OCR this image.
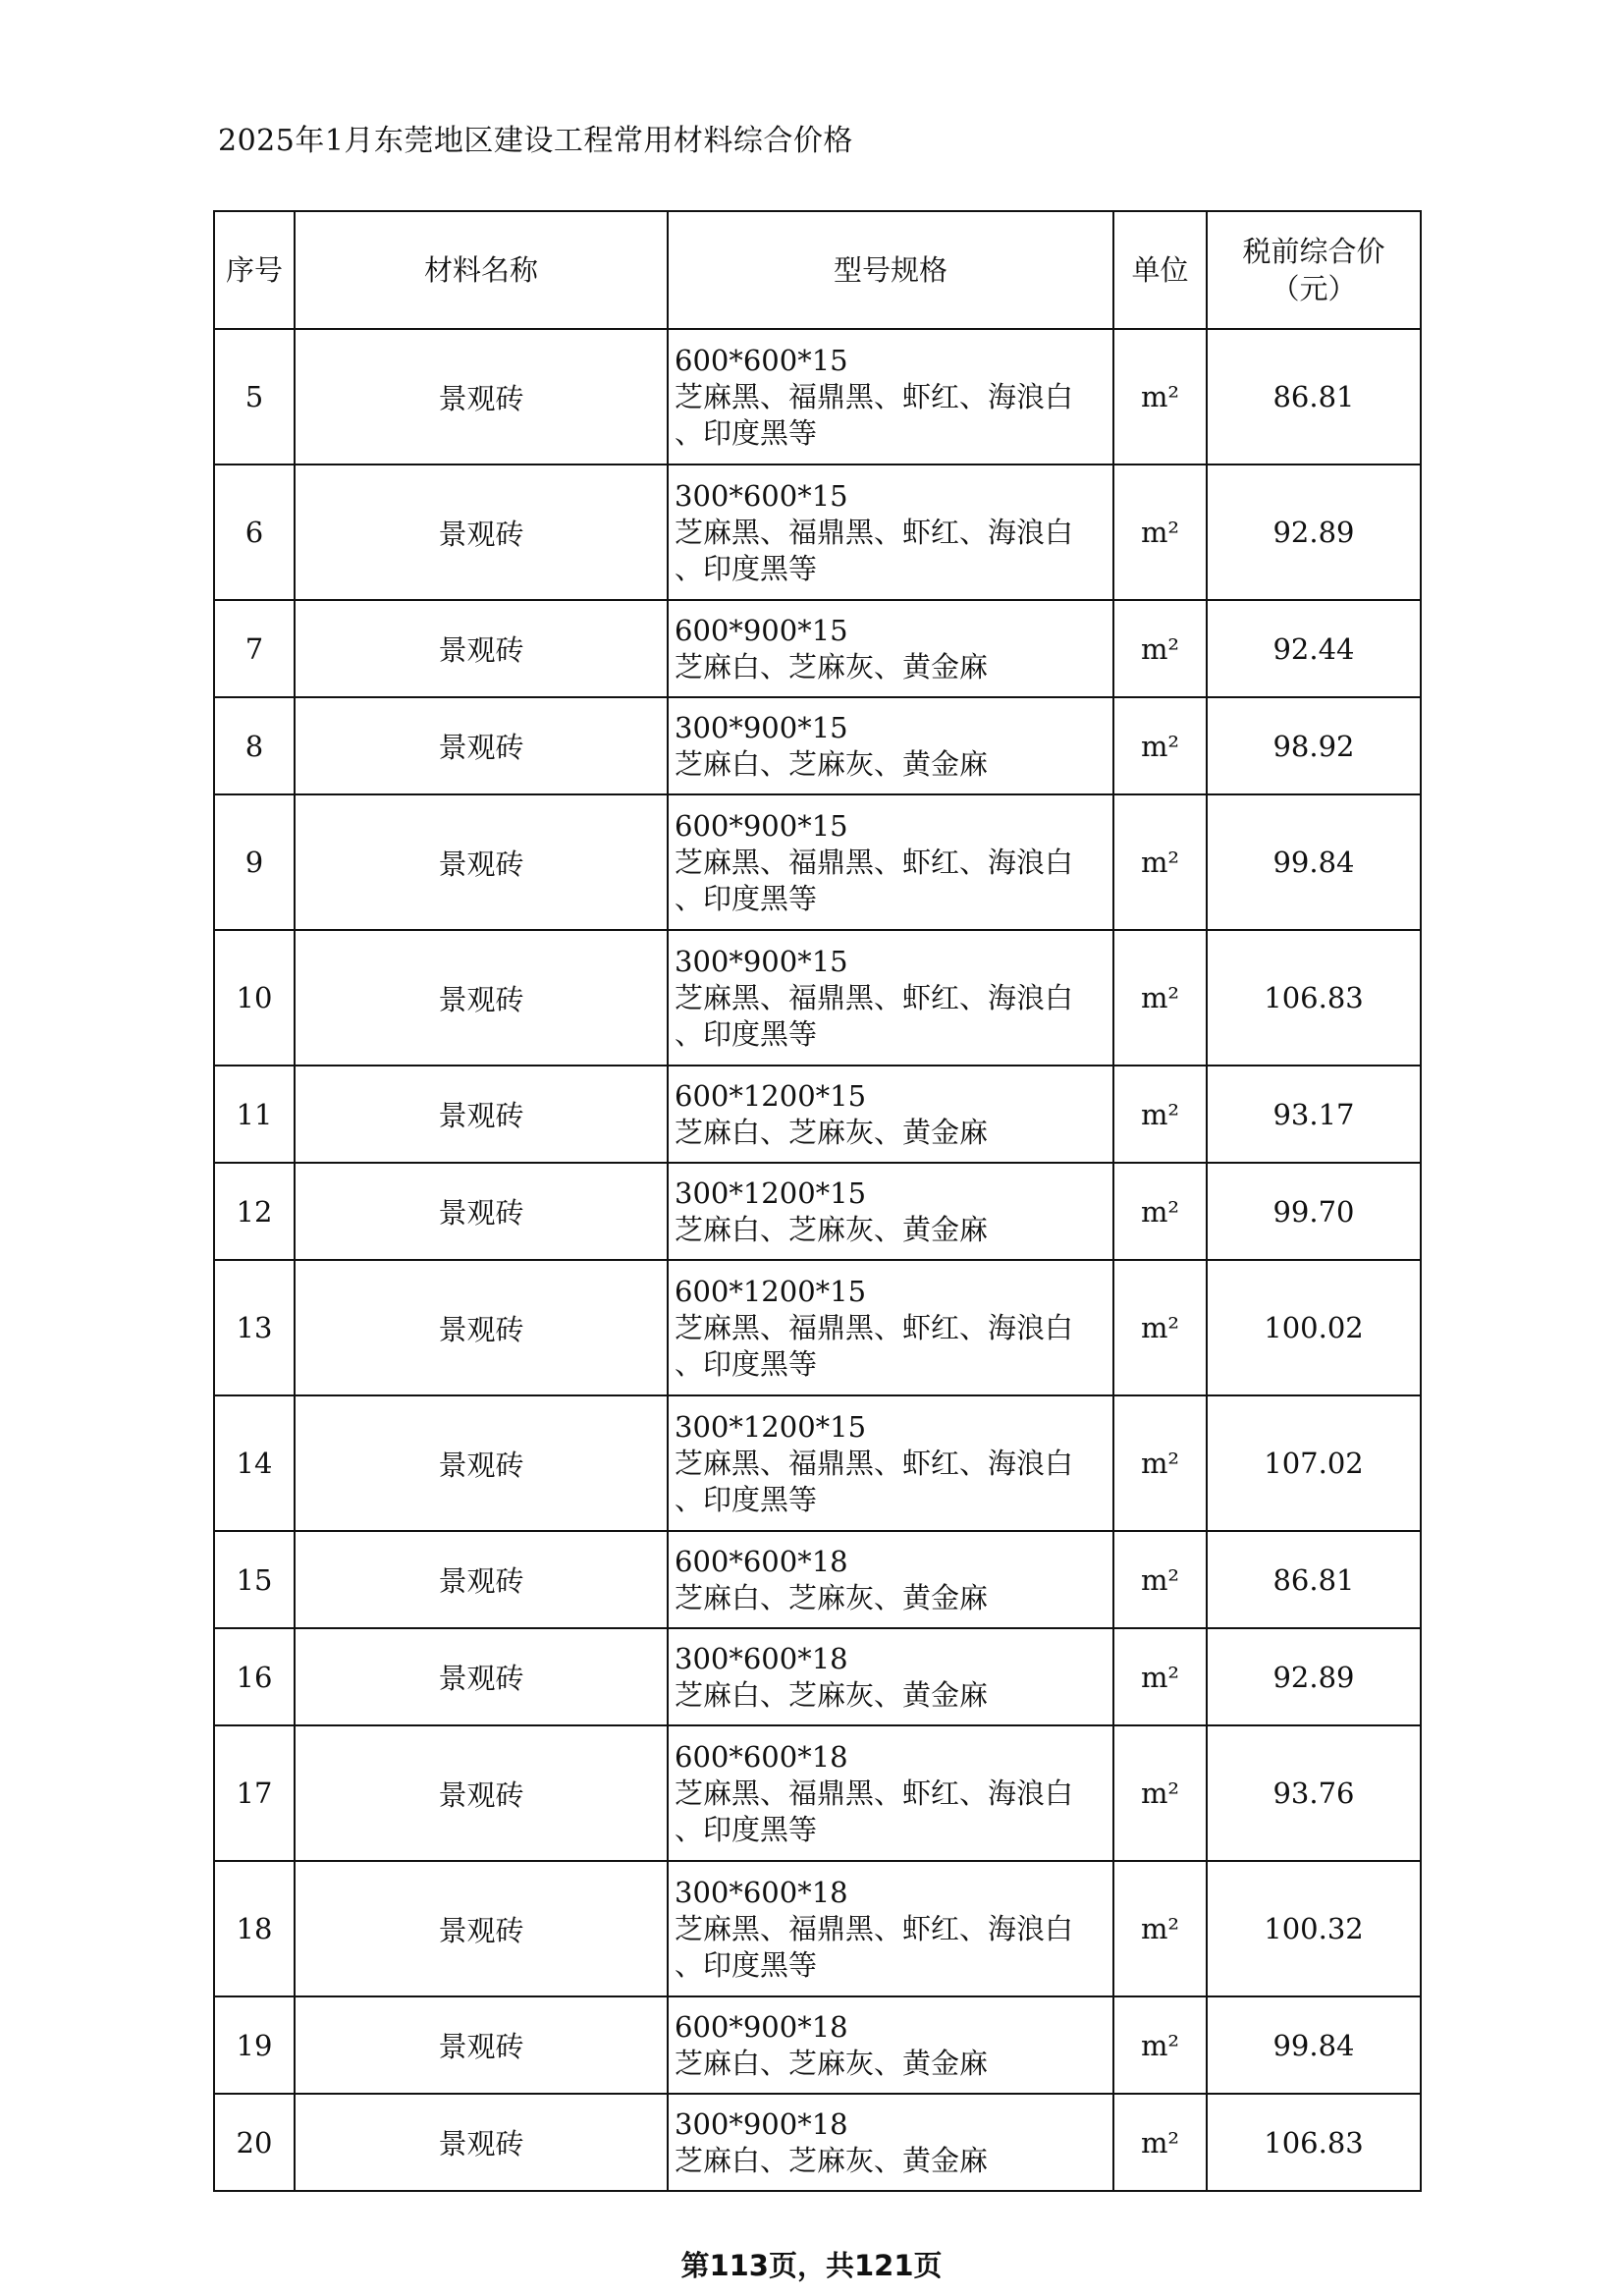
2025年1月东莞地区建设工程常用材料综合价格
序号	材料名称	型号规格	单位	税前综合价
（元）

5	景观砖	600*600*15
芝麻黑、福鼎黑、虾红、海浪白
、印度黑等	m²	86.81
6	景观砖	300*600*15
芝麻黑、福鼎黑、虾红、海浪白
、印度黑等	m²	92.89
7	景观砖	600*900*15
芝麻白、芝麻灰、黄金麻	m²	92.44
8	景观砖	300*900*15
芝麻白、芝麻灰、黄金麻	m²	98.92
9	景观砖	600*900*15
芝麻黑、福鼎黑、虾红、海浪白
、印度黑等	m²	99.84
10	景观砖	300*900*15
芝麻黑、福鼎黑、虾红、海浪白
、印度黑等	m²	106.83
11	景观砖	600*1200*15
芝麻白、芝麻灰、黄金麻	m²	93.17
12	景观砖	300*1200*15
芝麻白、芝麻灰、黄金麻	m²	99.70
13	景观砖	600*1200*15
芝麻黑、福鼎黑、虾红、海浪白
、印度黑等	m²	100.02
14	景观砖	300*1200*15
芝麻黑、福鼎黑、虾红、海浪白
、印度黑等	m²	107.02
15	景观砖	600*600*18
芝麻白、芝麻灰、黄金麻	m²	86.81
16	景观砖	300*600*18
芝麻白、芝麻灰、黄金麻	m²	92.89
17	景观砖	600*600*18
芝麻黑、福鼎黑、虾红、海浪白
、印度黑等	m²	93.76
18	景观砖	300*600*18
芝麻黑、福鼎黑、虾红、海浪白
、印度黑等	m²	100.32
19	景观砖	600*900*18
芝麻白、芝麻灰、黄金麻	m²	99.84
20	景观砖	300*900*18
芝麻白、芝麻灰、黄金麻	m²	106.83
第113页，共121页
